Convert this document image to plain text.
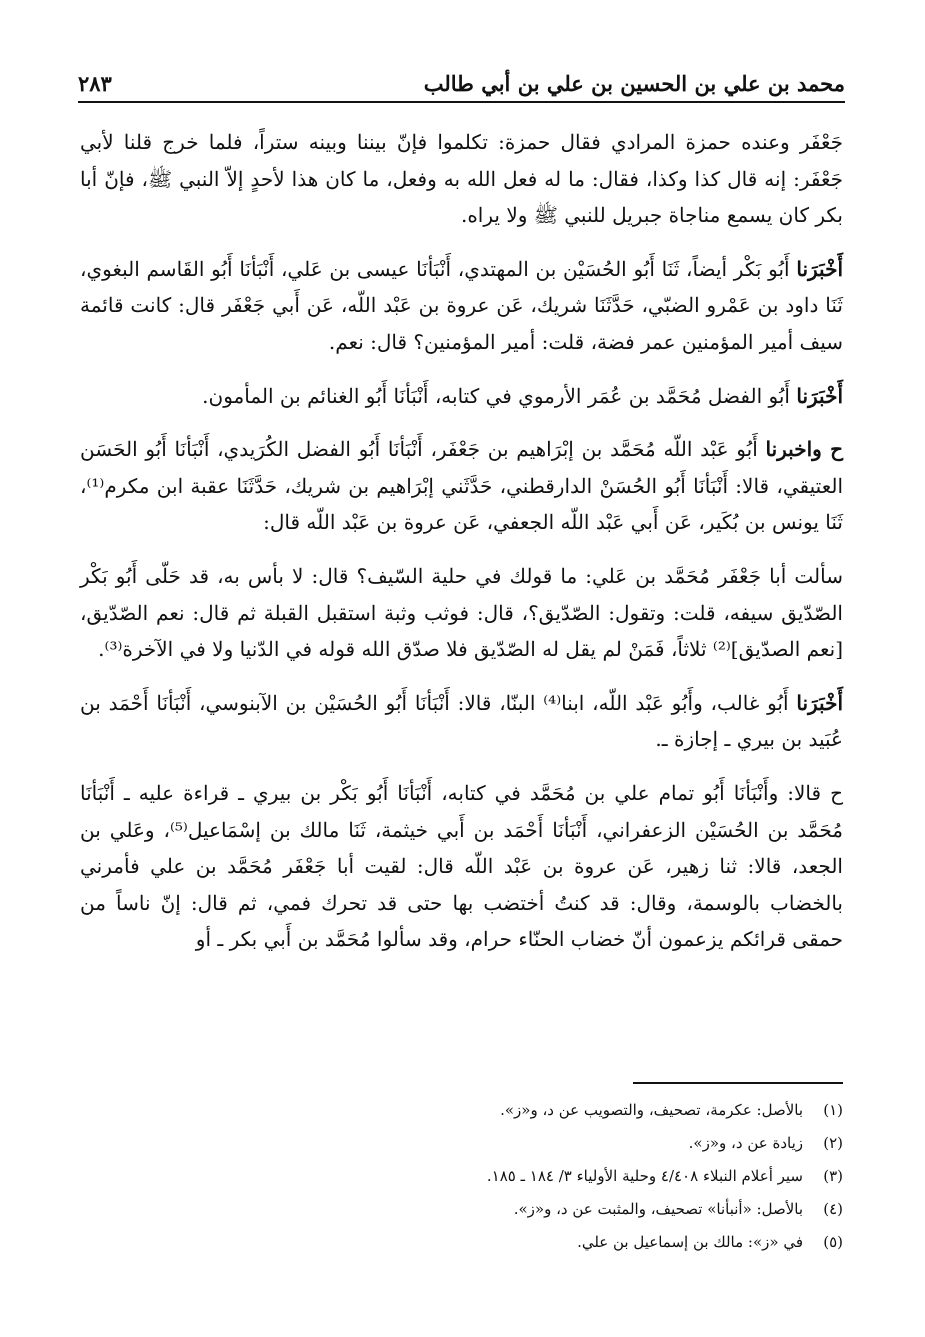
محمد بن علي بن الحسين بن علي بن أبي طالب
٢٨٣
جَعْفَر وعنده حمزة المرادي فقال حمزة: تكلموا فإنّ بيننا وبينه ستراً، فلما خرج قلنا لأبي جَعْفَر: إنه قال كذا وكذا، فقال: ما له فعل الله به وفعل، ما كان هذا لأحدٍ إلاّ النبي ﷺ، فإنّ أبا بكر كان يسمع مناجاة جبريل للنبي ﷺ ولا يراه.
أَخْبَرَنا أَبُو بَكْر أيضاً، ثَنَا أَبُو الحُسَيْن بن المهتدي، أَنْبَأنَا عيسى بن عَلي، أَنْبَأنَا أَبُو القَاسم البغوي، ثَنَا داود بن عَمْرو الضبّي، حَدَّثَنَا شريك، عَن عروة بن عَبْد اللّه، عَن أَبي جَعْفَر قال: كانت قائمة سيف أمير المؤمنين عمر فضة، قلت: أمير المؤمنين؟ قال: نعم.
أَخْبَرَنا أَبُو الفضل مُحَمَّد بن عُمَر الأرموي في كتابه، أَنْبَأنَا أَبُو الغنائم بن المأمون.
ح واخبرنا أَبُو عَبْد اللّه مُحَمَّد بن إبْرَاهيم بن جَعْفَر، أَنْبَأنَا أَبُو الفضل الكُرَيدي، أَنْبَأنَا أَبُو الحَسَن العتيقي، قالا: أَنْبَأنَا أَبُو الحُسَنْ الدارقطني، حَدَّثَني إبْرَاهيم بن شريك، حَدَّثَنَا عقبة ابن مكرم⁽¹⁾، ثَنَا يونس بن بُكَير، عَن أَبي عَبْد اللّه الجعفي، عَن عروة بن عَبْد اللّه قال:
سألت أبا جَعْفَر مُحَمَّد بن عَلي: ما قولك في حلية السّيف؟ قال: لا بأس به، قد حَلّى أَبُو بَكْر الصّدّيق سيفه، قلت: وتقول: الصّدّيق؟، قال: فوثب وثبة استقبل القبلة ثم قال: نعم الصّدّيق، [نعم الصدّيق]⁽²⁾ ثلاثاً، فَمَنْ لم يقل له الصّدّيق فلا صدّق الله قوله في الدّنيا ولا في الآخرة⁽³⁾.
أَخْبَرَنا أَبُو غالب، وأَبُو عَبْد اللّه، ابنا⁽⁴⁾ البنّا، قالا: أَنْبَأنَا أَبُو الحُسَيْن بن الآبنوسي، أَنْبَأنَا أَحْمَد بن عُبَيد بن بيري ـ إجازة ـ.
ح قالا: وأَنْبَأنَا أَبُو تمام علي بن مُحَمَّد في كتابه، أَنْبَأنَا أَبُو بَكْر بن بيري ـ قراءة عليه ـ أَنْبَأنَا مُحَمَّد بن الحُسَيْن الزعفراني، أَنْبَأنَا أَحْمَد بن أَبي خيثمة، ثَنَا مالك بن إسْمَاعيل⁽⁵⁾، وعَلي بن الجعد، قالا: ثنا زهير، عَن عروة بن عَبْد اللّه قال: لقيت أبا جَعْفَر مُحَمَّد بن علي فأمرني بالخضاب بالوسمة، وقال: قد كنتُ أختضب بها حتى قد تحرك فمي، ثم قال: إنّ ناساً من حمقى قرائكم يزعمون أنّ خضاب الحنّاء حرام، وقد سألوا مُحَمَّد بن أَبي بكر ـ أو
(١)
بالأصل: عكرمة، تصحيف، والتصويب عن د، و«ز».
(٢)
زيادة عن د، و«ز».
(٣)
سير أعلام النبلاء ٤/٤٠٨ وحلية الأولياء ٣/ ١٨٤ ـ ١٨٥.
(٤)
بالأصل: «أنبأنا» تصحيف، والمثبت عن د، و«ز».
(٥)
في «ز»: مالك بن إسماعيل بن علي.
